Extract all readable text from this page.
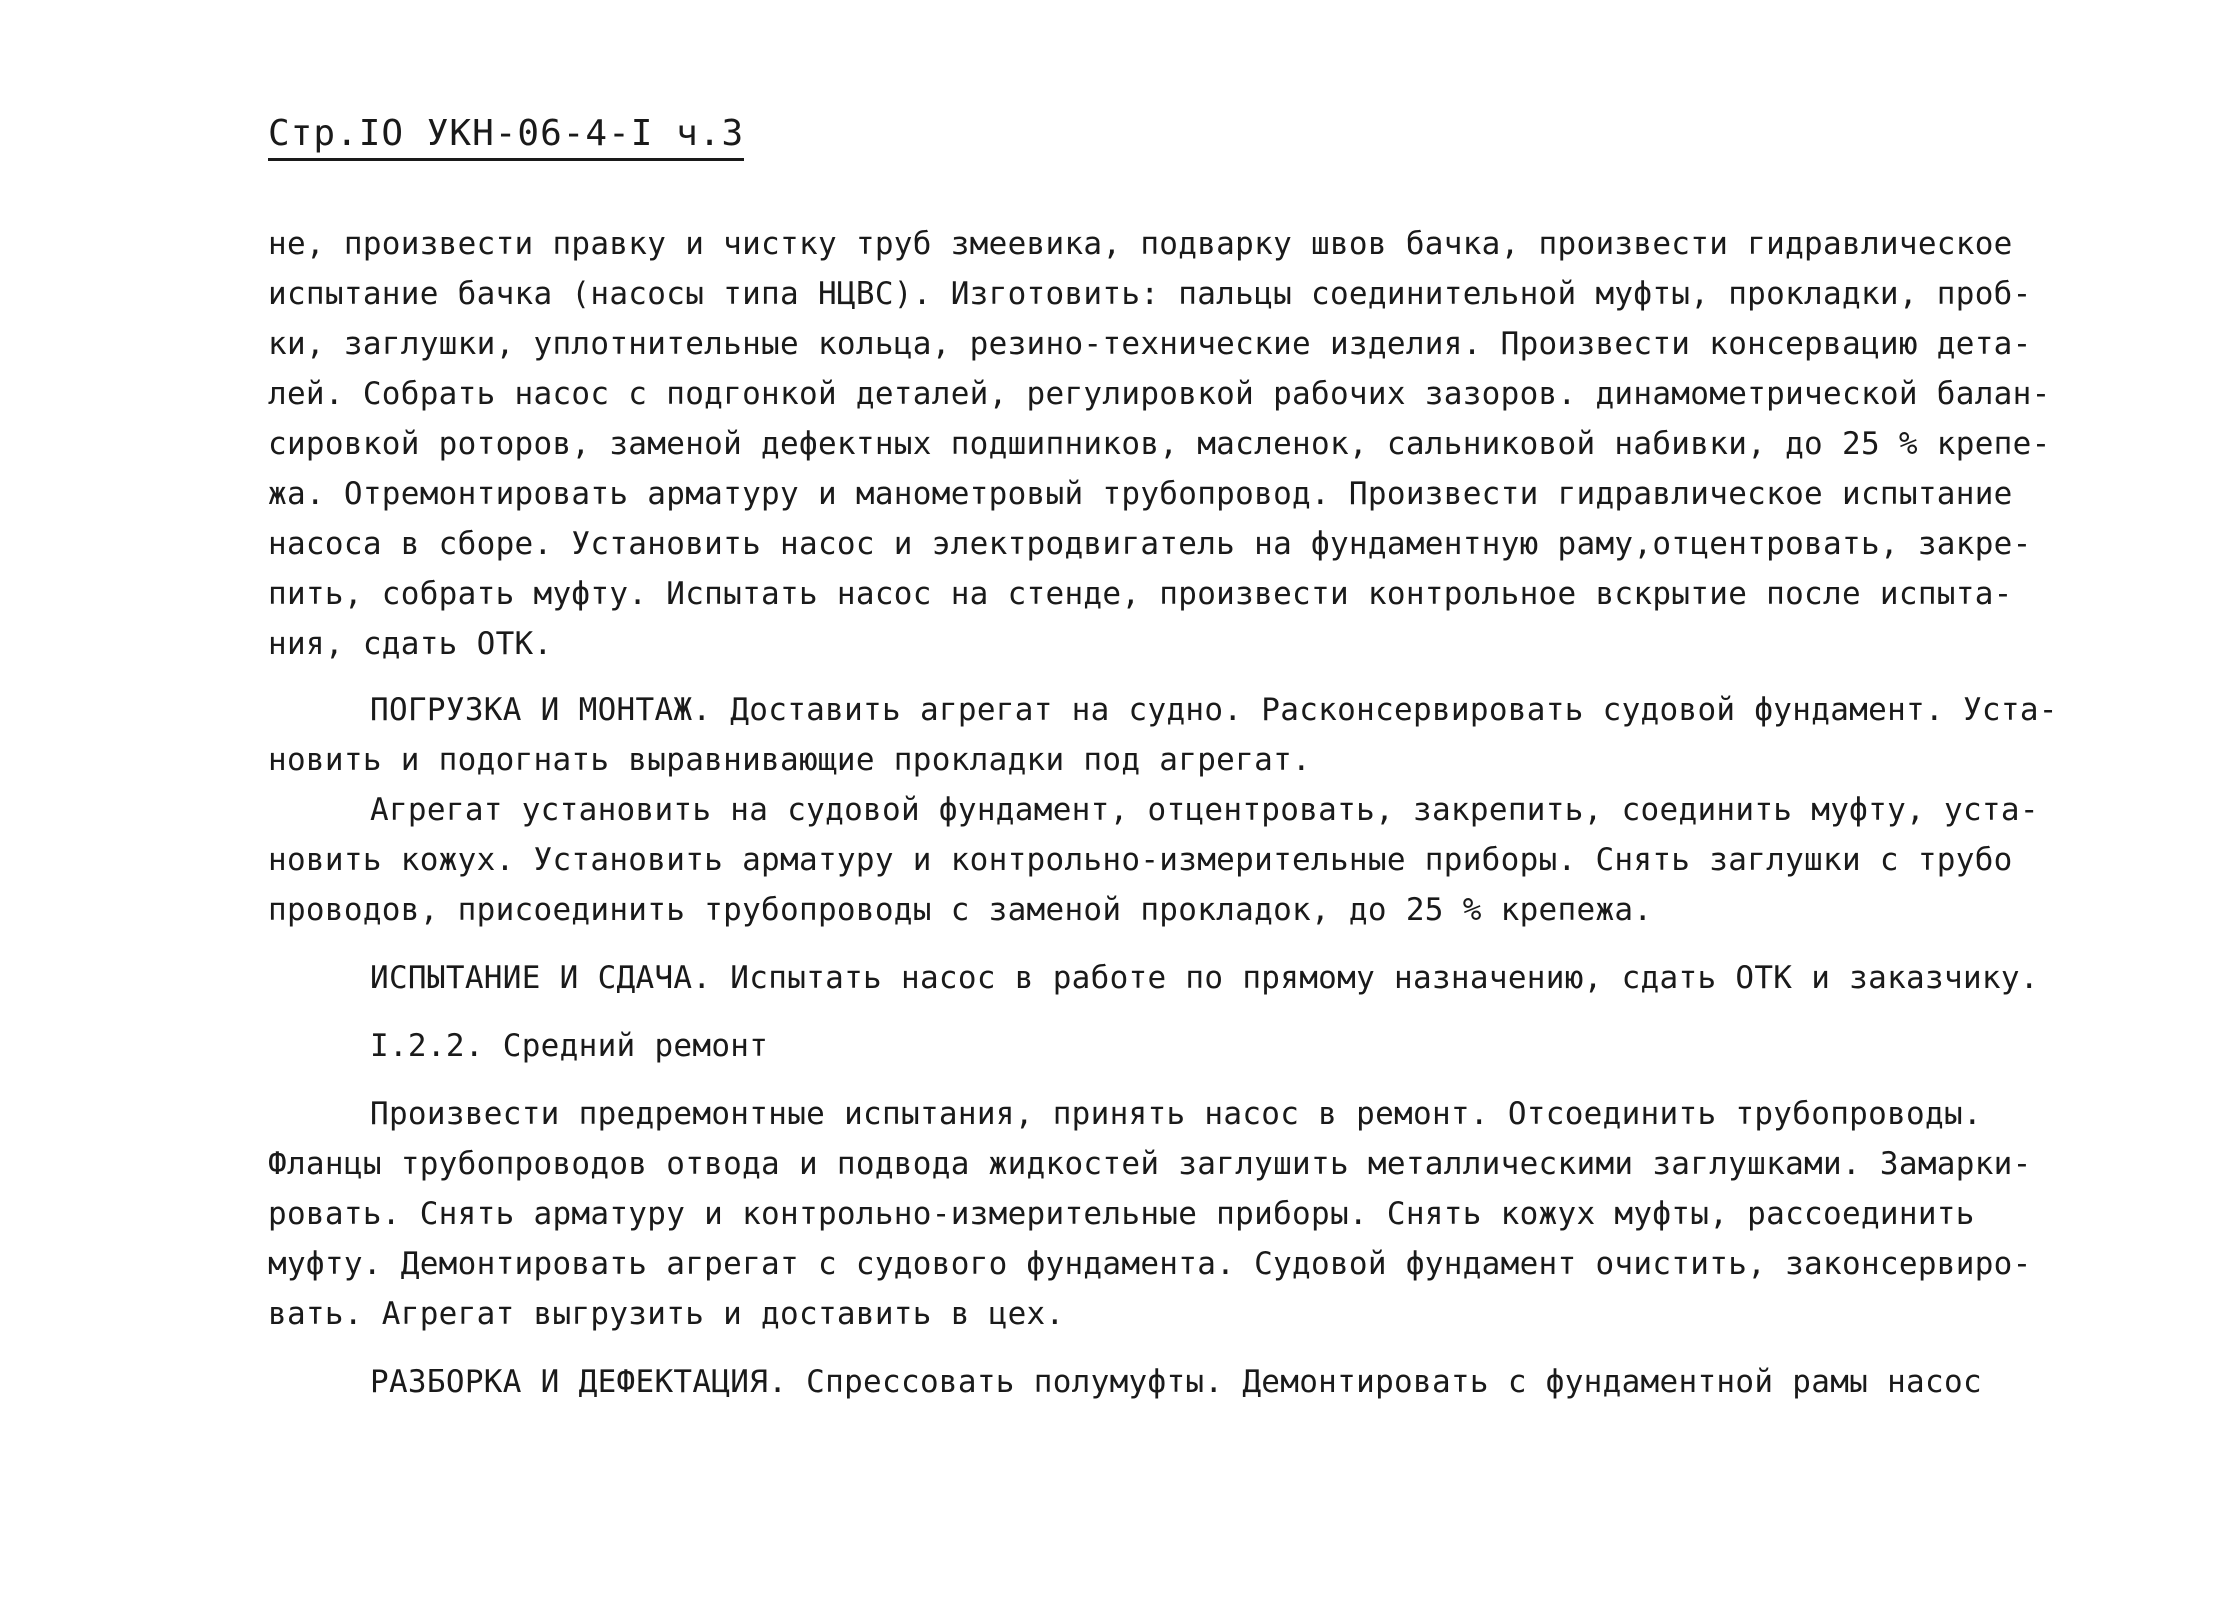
Стр.IO УКН-06-4-I ч.3
не, произвести правку и чистку труб змеевика, подварку швов бачка, произвести гидравлическое
испытание бачка (насосы типа НЦВС). Изготовить: пальцы соединительной муфты, прокладки, проб-
ки, заглушки, уплотнительные кольца, резино-технические изделия. Произвести консервацию дета-
лей. Собрать насос с подгонкой деталей, регулировкой рабочих зазоров. динамометрической балан-
сировкой роторов, заменой дефектных подшипников, масленок, сальниковой набивки, до 25 % крепе-
жа. Отремонтировать арматуру и манометровый трубопровод. Произвести гидравлическое испытание
насоса в сборе. Установить насос и электродвигатель на фундаментную раму,отцентровать, закре-
пить, собрать муфту. Испытать насос на стенде, произвести контрольное вскрытие после испыта-
ния, сдать ОТК.
ПОГРУЗКА И МОНТАЖ. Доставить агрегат на судно. Расконсервировать судовой фундамент. Уста-
новить и подогнать выравнивающие прокладки под агрегат.
Агрегат установить на судовой фундамент, отцентровать, закрепить, соединить муфту, уста-
новить кожух. Установить арматуру и контрольно-измерительные приборы. Снять заглушки с трубо
проводов, присоединить трубопроводы с заменой прокладок, до 25 % крепежа.
ИСПЫТАНИЕ И СДАЧА. Испытать насос в работе по прямому назначению, сдать ОТК и заказчику.
I.2.2. Средний ремонт
Произвести предремонтные испытания, принять насос в ремонт. Отсоединить трубопроводы.
Фланцы трубопроводов отвода и подвода жидкостей заглушить металлическими заглушками. Замарки-
ровать. Снять арматуру и контрольно-измерительные приборы. Снять кожух муфты, рассоединить
муфту. Демонтировать агрегат с судового фундамента. Судовой фундамент очистить, законсервиро-
вать. Агрегат выгрузить и доставить в цех.
РАЗБОРКА И ДЕФЕКТАЦИЯ. Спрессовать полумуфты. Демонтировать с фундаментной рамы насос
